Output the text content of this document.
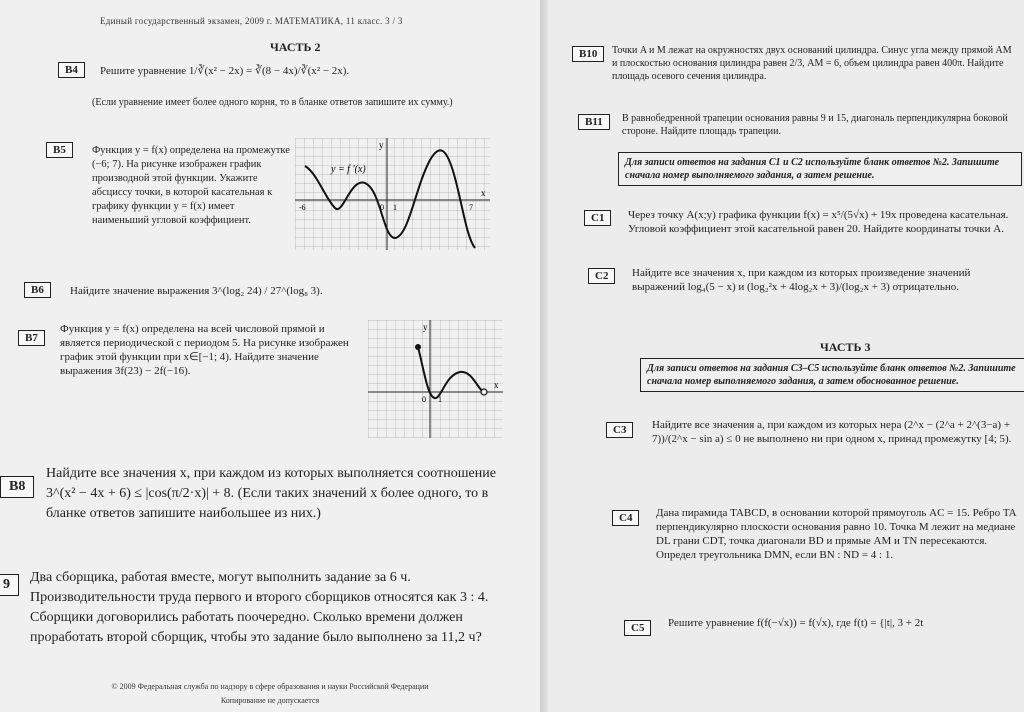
Единый государственный экзамен, 2009 г. МАТЕМАТИКА, 11 класс. 3 / 3
ЧАСТЬ 2
B4	Решите уравнение 1/∛(x² − 2x) = ∛(8 − 4x)/∛(x² − 2x).
(Если уравнение имеет более одного корня, то в бланке ответов запишите их сумму.)
B5	Функция y = f(x) определена на промежутке (−6; 7). На рисунке изображен график производной этой функции. Укажите абсциссу точки, в которой касательная к графику функции y = f(x) имеет наименьший угловой коэффициент.
y = f ′(x)
y
x
-6	0 1	7
B6	Найдите значение выражения 3^(log₂ 24) / 27^(log₈ 3).
B7
Функция y = f(x) определена на всей числовой прямой и является периодической с периодом 5. На рисунке изображен график этой функции при x∈[−1; 4). Найдите значение выражения 3f(23) − 2f(−16).
y
x
0 1
B8
Найдите все значения x, при каждом из которых выполняется соотношение 3^(x² − 4x + 6) ≤ |cos(π/2·x)| + 8. (Если таких значений x более одного, то в бланке ответов запишите наибольшее из них.)
9	Два сборщика, работая вместе, могут выполнить задание за 6 ч. Производительности труда первого и второго сборщиков относятся как 3 : 4. Сборщики договорились работать поочередно. Сколько времени должен проработать второй сборщик, чтобы это задание было выполнено за 11,2 ч?
© 2009 Федеральная служба по надзору в сфере образования и науки Российской Федерации
Копирование не допускается
B10	Точки A и M лежат на окружностях двух оснований цилиндра. Синус угла между прямой AM и плоскостью основания цилиндра равен 2/3, AM = 6, объем цилиндра равен 400π. Найдите площадь осевого сечения цилиндра.
B11	В равнобедренной трапеции основания равны 9 и 15, диагональ перпендикулярна боковой стороне. Найдите площадь трапеции.
Для записи ответов на задания C1 и C2 используйте бланк ответов №2. Запишите сначала номер выполняемого задания, а затем решение.
C1	Через точку A(x;y) графика функции f(x) = x⁵/(5√x) + 19x проведена касательная. Угловой коэффициент этой касательной равен 20. Найдите координаты точки A.
C2	Найдите все значения x, при каждом из которых произведение значений выражений log₄(5 − x) и (log₂²x + 4log₂x + 3)/(log₂x + 3) отрицательно.
ЧАСТЬ 3
Для записи ответов на задания C3–C5 используйте бланк ответов №2. Запишите сначала номер выполняемого задания, а затем обоснованное решение.
C3	Найдите все значения a, при каждом из которых нера (2^x − (2^a + 2^(3−a) + 7))/(2^x − sin a) ≤ 0 не выполнено ни при одном x, принад промежутку [4; 5).
C4	Дана пирамида TABCD, в основании которой прямоуголь AC = 15. Ребро TA перпендикулярно плоскости основания равно 10. Точка M лежит на медиане DL грани CDT, точка диагонали BD и прямые AM и TN пересекаются. Определ треугольника DMN, если BN : ND = 4 : 1.
C5	Решите уравнение f(f(−√x)) = f(√x), где f(t) = {|t|, 3 + 2t
